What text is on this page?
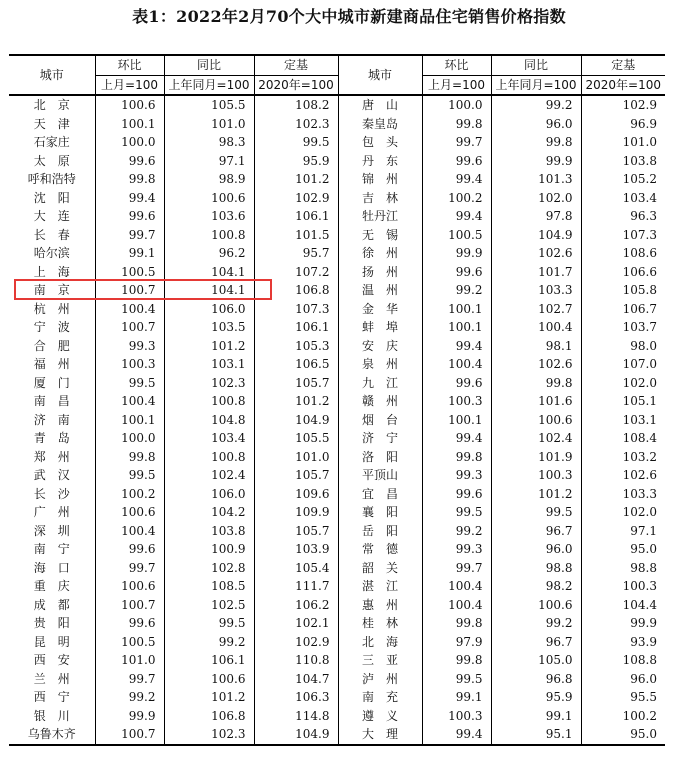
表1：2022年2月70个大中城市新建商品住宅销售价格指数
城市	环比	同比	定基	城市	环比	同比	定基
	上月=100	上年同月=100	2020年=100		上月=100	上年同月=100	2020年=100
北　京	100.6	105.5	108.2	唐　山	100.0	99.2	102.9
天　津	100.1	101.0	102.3	秦皇岛	99.8	96.0	96.9
石家庄	100.0	98.3	99.5	包　头	99.7	99.8	101.0
太　原	99.6	97.1	95.9	丹　东	99.6	99.9	103.8
呼和浩特	99.8	98.9	101.2	锦　州	99.4	101.3	105.2
沈　阳	99.4	100.6	102.9	吉　林	100.2	102.0	103.4
大　连	99.6	103.6	106.1	牡丹江	99.4	97.8	96.3
长　春	99.7	100.8	101.5	无　锡	100.5	104.9	107.3
哈尔滨	99.1	96.2	95.7	徐　州	99.9	102.6	108.6
上　海	100.5	104.1	107.2	扬　州	99.6	101.7	106.6
南　京	100.7	104.1	106.8	温　州	99.2	103.3	105.8
杭　州	100.4	106.0	107.3	金　华	100.1	102.7	106.7
宁　波	100.7	103.5	106.1	蚌　埠	100.1	100.4	103.7
合　肥	99.3	101.2	105.3	安　庆	99.4	98.1	98.0
福　州	100.3	103.1	106.5	泉　州	100.4	102.6	107.0
厦　门	99.5	102.3	105.7	九　江	99.6	99.8	102.0
南　昌	100.4	100.8	101.2	赣　州	100.3	101.6	105.1
济　南	100.1	104.8	104.9	烟　台	100.1	100.6	103.1
青　岛	100.0	103.4	105.5	济　宁	99.4	102.4	108.4
郑　州	99.8	100.8	101.0	洛　阳	99.8	101.9	103.2
武　汉	99.5	102.4	105.7	平顶山	99.3	100.3	102.6
长　沙	100.2	106.0	109.6	宜　昌	99.6	101.2	103.3
广　州	100.6	104.2	109.9	襄　阳	99.5	99.5	102.0
深　圳	100.4	103.8	105.7	岳　阳	99.2	96.7	97.1
南　宁	99.6	100.9	103.9	常　德	99.3	96.0	95.0
海　口	99.7	102.8	105.4	韶　关	99.7	98.8	98.8
重　庆	100.6	108.5	111.7	湛　江	100.4	98.2	100.3
成　都	100.7	102.5	106.2	惠　州	100.4	100.6	104.4
贵　阳	99.6	99.5	102.1	桂　林	99.8	99.2	99.9
昆　明	100.5	99.2	102.9	北　海	97.9	96.7	93.9
西　安	101.0	106.1	110.8	三　亚	99.8	105.0	108.8
兰　州	99.7	100.6	104.7	泸　州	99.5	96.8	96.0
西　宁	99.2	101.2	106.3	南　充	99.1	95.9	95.5
银　川	99.9	106.8	114.8	遵　义	100.3	99.1	100.2
乌鲁木齐	100.7	102.3	104.9	大　理	99.4	95.1	95.0
